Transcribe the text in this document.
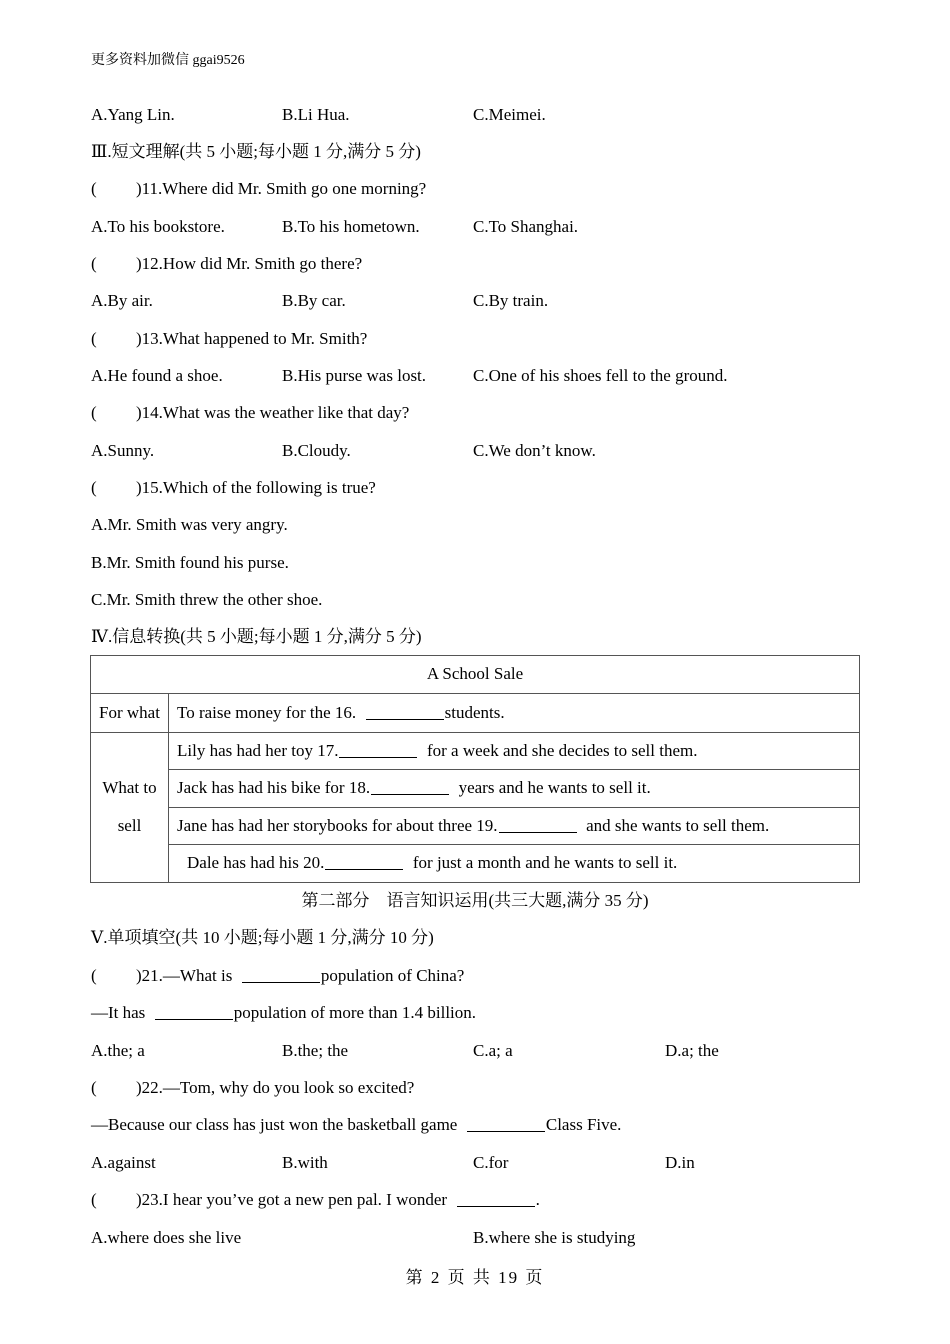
更多资料加微信 ggai9526
A.Yang Lin.	B.Li Hua.	C.Meimei.
Ⅲ.短文理解(共 5 小题;每小题 1 分,满分 5 分)
( )11.Where did Mr. Smith go one morning?
A.To his bookstore.	B.To his hometown.	C.To Shanghai.
( )12.How did Mr. Smith go there?
A.By air.	B.By car.	C.By train.
( )13.What happened to Mr. Smith?
A.He found a shoe.	B.His purse was lost.	C.One of his shoes fell to the ground.
( )14.What was the weather like that day?
A.Sunny.	B.Cloudy.	C.We don’t know.
( )15.Which of the following is true?
A.Mr. Smith was very angry.
B.Mr. Smith found his purse.
C.Mr. Smith threw the other shoe.
Ⅳ.信息转换(共 5 小题;每小题 1 分,满分 5 分)
A School Sale	
For what	To raise money for the 16. students.
What to
sell	Lily has had her toy 17. for a week and she decides to sell them.
	Jack has had his bike for 18. years and he wants to sell it.
	Jane has had her storybooks for about three 19. and she wants to sell them.
	Dale has had his 20. for just a month and he wants to sell it.
第二部分　语言知识运用(共三大题,满分 35 分)
Ⅴ.单项填空(共 10 小题;每小题 1 分,满分 10 分)
( )21.—What is	population of China?
—It has	population of more than 1.4 billion.
A.the; a	B.the; the	C.a; a	D.a; the
( )22.—Tom, why do you look so excited?
—Because our class has just won the basketball game	Class Five.
A.against	B.with	C.for	D.in
( )23.I hear you’ve got a new pen pal. I wonder	.
A.where does she live	B.where she is studying
第 2 页 共 19 页
